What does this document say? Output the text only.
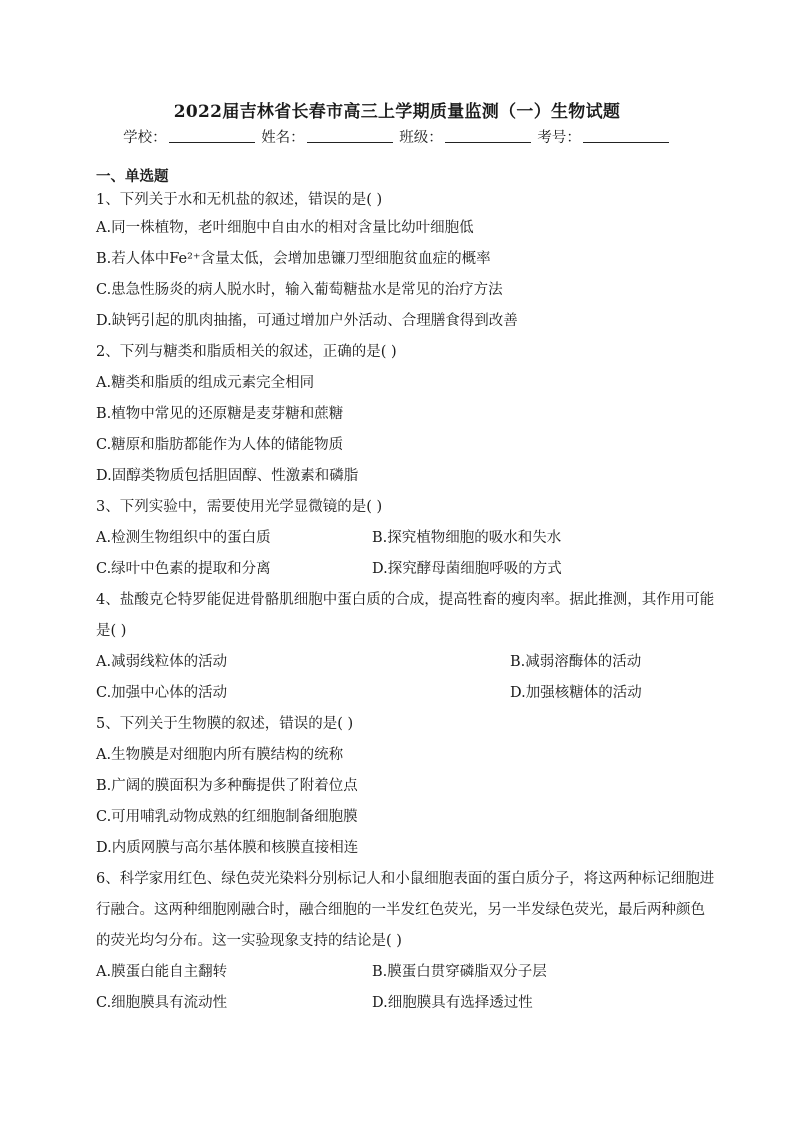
2022届吉林省长春市高三上学期质量监测（一）生物试题
学校：	姓名：	班级：	考号：
一、单选题
1、下列关于水和无机盐的叙述，错误的是( )
A.同一株植物，老叶细胞中自由水的相对含量比幼叶细胞低
B.若人体中Fe²⁺含量太低，会增加患镰刀型细胞贫血症的概率
C.患急性肠炎的病人脱水时，输入葡萄糖盐水是常见的治疗方法
D.缺钙引起的肌肉抽搐，可通过增加户外活动、合理膳食得到改善
2、下列与糖类和脂质相关的叙述，正确的是( )
A.糖类和脂质的组成元素完全相同
B.植物中常见的还原糖是麦芽糖和蔗糖
C.糖原和脂肪都能作为人体的储能物质
D.固醇类物质包括胆固醇、性激素和磷脂
3、下列实验中，需要使用光学显微镜的是( )
A.检测生物组织中的蛋白质	B.探究植物细胞的吸水和失水
C.绿叶中色素的提取和分离	D.探究酵母菌细胞呼吸的方式
4、盐酸克仑特罗能促进骨骼肌细胞中蛋白质的合成，提高牲畜的瘦肉率。据此推测，其作用可能是( )
A.减弱线粒体的活动	B.减弱溶酶体的活动
C.加强中心体的活动	D.加强核糖体的活动
5、下列关于生物膜的叙述，错误的是( )
A.生物膜是对细胞内所有膜结构的统称
B.广阔的膜面积为多种酶提供了附着位点
C.可用哺乳动物成熟的红细胞制备细胞膜
D.内质网膜与高尔基体膜和核膜直接相连
6、科学家用红色、绿色荧光染料分别标记人和小鼠细胞表面的蛋白质分子，将这两种标记细胞进行融合。这两种细胞刚融合时，融合细胞的一半发红色荧光，另一半发绿色荧光，最后两种颜色的荧光均匀分布。这一实验现象支持的结论是( )
A.膜蛋白能自主翻转	B.膜蛋白贯穿磷脂双分子层
C.细胞膜具有流动性	D.细胞膜具有选择透过性
